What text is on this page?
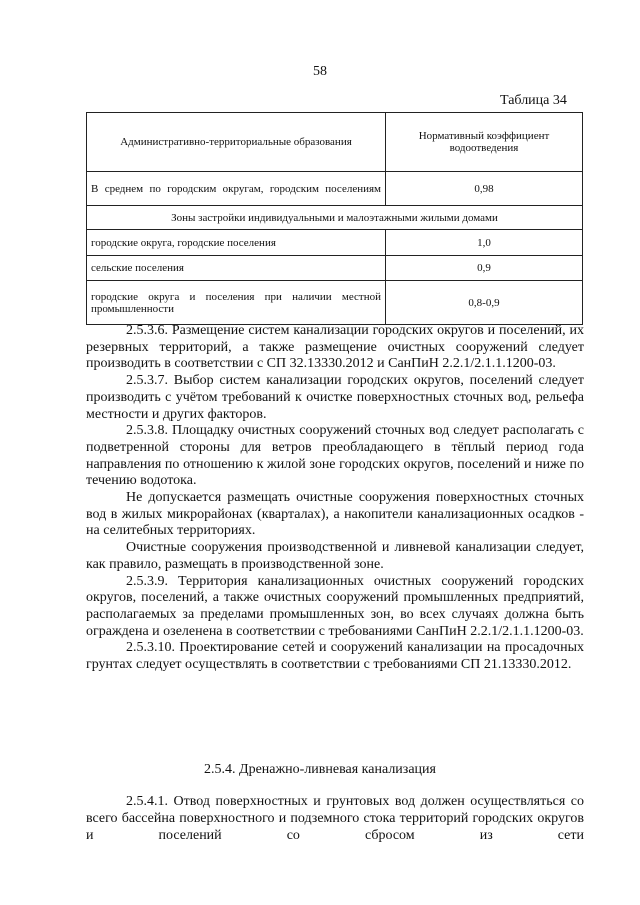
58
Таблица 34
Административно-территориальные образования	Нормативный коэффициент водоотведения
В среднем по городским округам, городским поселениям	0,98
Зоны застройки индивидуальными и малоэтажными жилыми домами	
городские округа, городские поселения	1,0
сельские поселения	0,9
городские округа и поселения при наличии местной промышленности	0,8-0,9

2.5.3.6. Размещение систем канализации городских округов и поселений, их резервных территорий, а также размещение очистных сооружений следует производить в соответствии с СП 32.13330.2012 и СанПиН 2.2.1/2.1.1.1200-03.

2.5.3.7. Выбор систем канализации городских округов, поселений следует производить с учётом требований к очистке поверхностных сточных вод, рельефа местности и других факторов.

2.5.3.8. Площадку очистных сооружений сточных вод следует располагать с подветренной стороны для ветров преобладающего в тёплый период года направления по отношению к жилой зоне городских округов, поселений и ниже по течению водотока.

Не допускается размещать очистные сооружения поверхностных сточных вод в жилых микрорайонах (кварталах), а накопители канализационных осадков - на селитебных территориях.

Очистные сооружения производственной и ливневой канализации следует, как правило, размещать в производственной зоне.

2.5.3.9. Территория канализационных очистных сооружений городских округов, поселений, а также очистных сооружений промышленных предприятий, располагаемых за пределами промышленных зон, во всех случаях должна быть ограждена и озеленена в соответствии с требованиями СанПиН 2.2.1/2.1.1.1200-03.

2.5.3.10. Проектирование сетей и сооружений канализации на просадочных грунтах следует осуществлять в соответствии с требованиями СП 21.13330.2012.

2.5.4. Дренажно-ливневая канализация

2.5.4.1. Отвод поверхностных и грунтовых вод должен осуществляться со всего бассейна поверхностного и подземного стока территорий городских округов и поселений со сбросом из сети
